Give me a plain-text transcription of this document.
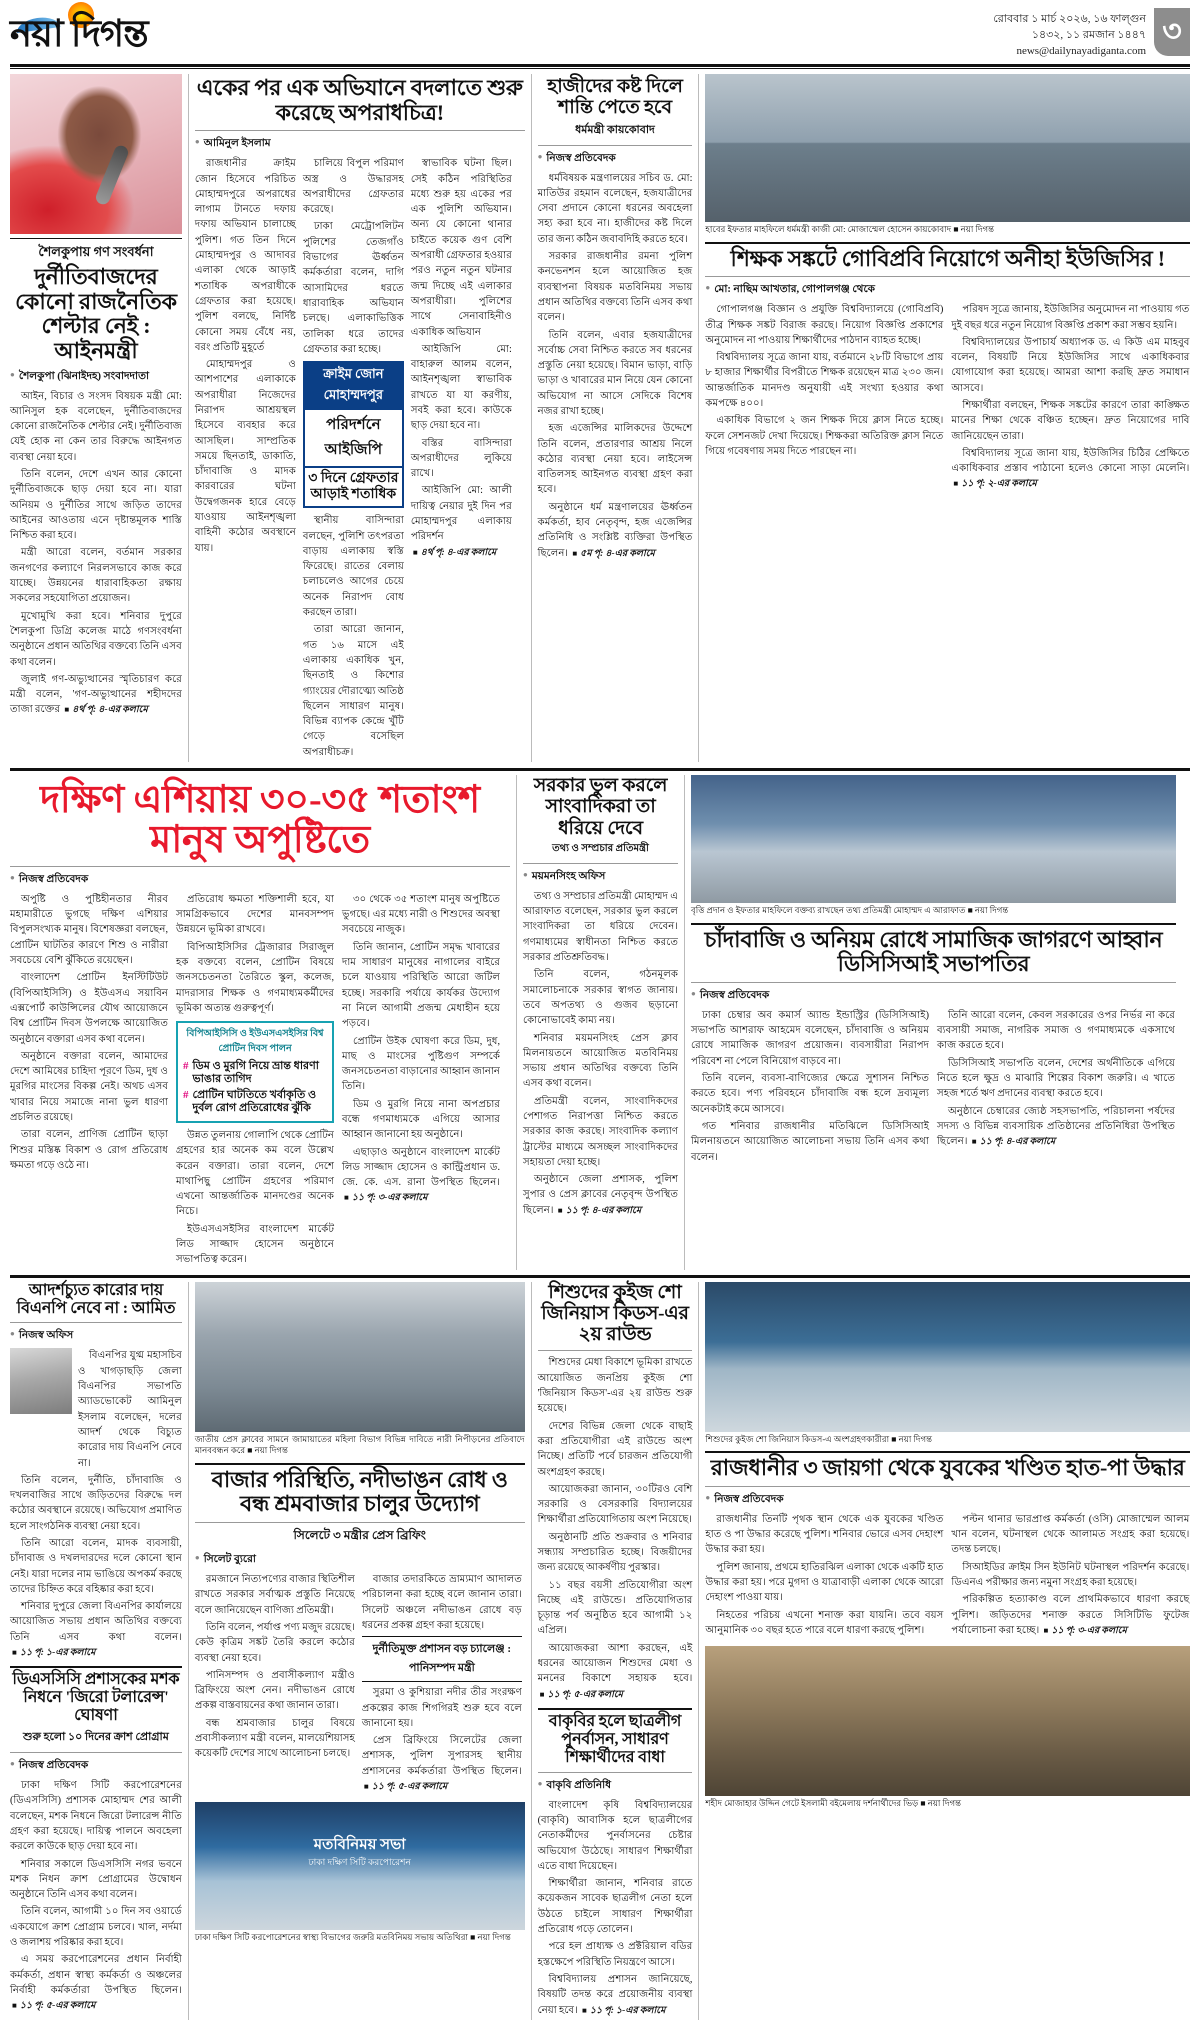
নয়া দিগন্ত	রোববার ১ মার্চ ২০২৬, ১৬ ফাল্গুন
১৪৩২, ১১ রমজান ১৪৪৭
news@dailynayadiganta.com
৩
শৈলকুপায় গণ সংবর্ধনা
দুর্নীতিবাজদের কোনো রাজনৈতিক শেল্টার নেই : আইনমন্ত্রী
● শৈলকুপা (ঝিনাইদহ) সংবাদদাতা

আইন, বিচার ও সংসদ বিষয়ক মন্ত্রী মো: আনিসুল হক বলেছেন, দুর্নীতিবাজদের কোনো রাজনৈতিক শেল্টার নেই। দুর্নীতিবাজ যেই হোক না কেন তার বিরুদ্ধে আইনগত ব্যবস্থা নেয়া হবে।

তিনি বলেন, দেশে এখন আর কোনো দুর্নীতিবাজকে ছাড় দেয়া হবে না। যারা অনিয়ম ও দুর্নীতির সাথে জড়িত তাদের আইনের আওতায় এনে দৃষ্টান্তমূলক শাস্তি নিশ্চিত করা হবে।

মন্ত্রী আরো বলেন, বর্তমান সরকার জনগণের কল্যাণে নিরলসভাবে কাজ করে যাচ্ছে। উন্নয়নের ধারাবাহিকতা রক্ষায় সকলের সহযোগিতা প্রয়োজন।

মুখোমুখি করা হবে। শনিবার দুপুরে শৈলকুপা ডিগ্রি কলেজ মাঠে গণসংবর্ধনা অনুষ্ঠানে প্রধান অতিথির বক্তব্যে তিনি এসব কথা বলেন।

জুলাই গণ-অভ্যুত্থানের স্মৃতিচারণ করে মন্ত্রী বলেন, 'গণ-অভ্যুত্থানের শহীদদের তাজা রক্তের ■ ৪র্থ পৃ: ৪-এর কলামে

একের পর এক অভিযানে বদলাতে শুরু করেছে অপরাধচিত্র!
● আমিনুল ইসলাম

রাজধানীর ক্রাইম জোন হিসেবে পরিচিত মোহাম্মদপুরে অপরাধের লাগাম টানতে দফায় দফায় অভিযান চালাচ্ছে পুলিশ। গত তিন দিনে মোহাম্মদপুর ও আদাবর এলাকা থেকে আড়াই শতাধিক অপরাধীকে গ্রেফতার করা হয়েছে। পুলিশ বলছে, নির্দিষ্ট কোনো সময় বেঁধে নয়, বরং প্রতিটি মুহূর্তে

মোহাম্মদপুর ও আশপাশের এলাকাকে অপরাধীরা নিজেদের নিরাপদ আশ্রয়স্থল হিসেবে ব্যবহার করে আসছিল। সাম্প্রতিক সময়ে ছিনতাই, ডাকাতি, চাঁদাবাজি ও মাদক কারবারের ঘটনা উদ্বেগজনক হারে বেড়ে যাওয়ায় আইনশৃঙ্খলা বাহিনী কঠোর অবস্থানে যায়।

চালিয়ে বিপুল পরিমাণ অস্ত্র ও উদ্ধারসহ অপরাধীদের গ্রেফতার করেছে।

ঢাকা মেট্রোপলিটন পুলিশের তেজগাঁও বিভাগের ঊর্ধ্বতন কর্মকর্তারা বলেন, দাগি আসামিদের ধরতে ধারাবাহিক অভিযান চলছে। এলাকাভিত্তিক তালিকা ধরে তাদের গ্রেফতার করা হচ্ছে।

ক্রাইম জোন মোহাম্মদপুর
পরিদর্শনে আইজিপি
৩ দিনে গ্রেফতার আড়াই শতাধিক

স্থানীয় বাসিন্দারা বলছেন, পুলিশি তৎপরতা বাড়ায় এলাকায় স্বস্তি ফিরেছে। রাতের বেলায় চলাচলেও আগের চেয়ে অনেক নিরাপদ বোধ করছেন তারা।

তারা আরো জানান, গত ১৬ মাসে এই এলাকায় একাধিক খুন, ছিনতাই ও কিশোর গ্যাংয়ের দৌরাত্ম্যে অতিষ্ঠ ছিলেন সাধারণ মানুষ। বিভিন্ন ব্যাপক কেন্দ্রে খুঁটি গেড়ে বসেছিল অপরাধীচক্র।

স্বাভাবিক ঘটনা ছিল। সেই কঠিন পরিস্থিতির মধ্যে শুরু হয় একের পর এক পুলিশি অভিযান। অন্য যে কোনো থানার চাইতে কয়েক গুণ বেশি অপরাধী গ্রেফতার হওয়ার পরও নতুন নতুন ঘটনার জন্ম দিচ্ছে এই এলাকার অপরাধীরা। পুলিশের সাথে সেনাবাহিনীও একাধিক অভিযান

আইজিপি মো: বাহারুল আলম বলেন, আইনশৃঙ্খলা স্বাভাবিক রাখতে যা যা করণীয়, সবই করা হবে। কাউকে ছাড় দেয়া হবে না।

বস্তির বাসিন্দারা অপরাধীদের লুকিয়ে রাখে।

আইজিপি মো: আলী দায়িত্ব নেয়ার দুই দিন পর মোহাম্মদপুর এলাকায় পরিদর্শন ■ ৪র্থ পৃ: ৪-এর কলামে

হাজীদের কষ্ট দিলে শান্তি পেতে হবে
ধর্মমন্ত্রী কায়কোবাদ
● নিজস্ব প্রতিবেদক

ধর্মবিষয়ক মন্ত্রণালয়ের সচিব ড. মো: মাতিউর রহমান বলেছেন, হজযাত্রীদের সেবা প্রদানে কোনো ধরনের অবহেলা সহ্য করা হবে না। হাজীদের কষ্ট দিলে তার জন্য কঠিন জবাবদিহি করতে হবে।

সরকার রাজধানীর রমনা পুলিশ কনভেনশন হলে আয়োজিত হজ ব্যবস্থাপনা বিষয়ক মতবিনিময় সভায় প্রধান অতিথির বক্তব্যে তিনি এসব কথা বলেন।

তিনি বলেন, এবার হজযাত্রীদের সর্বোচ্চ সেবা নিশ্চিত করতে সব ধরনের প্রস্তুতি নেয়া হয়েছে। বিমান ভাড়া, বাড়ি ভাড়া ও খাবারের মান নিয়ে যেন কোনো অভিযোগ না আসে সেদিকে বিশেষ নজর রাখা হচ্ছে।

হজ এজেন্সির মালিকদের উদ্দেশে তিনি বলেন, প্রতারণার আশ্রয় নিলে কঠোর ব্যবস্থা নেয়া হবে। লাইসেন্স বাতিলসহ আইনগত ব্যবস্থা গ্রহণ করা হবে।

অনুষ্ঠানে ধর্ম মন্ত্রণালয়ের ঊর্ধ্বতন কর্মকর্তা, হাব নেতৃবৃন্দ, হজ এজেন্সির প্রতিনিধি ও সংশ্লিষ্ট ব্যক্তিরা উপস্থিত ছিলেন। ■ ৫ম পৃ: ৪-এর কলামে

হাবের ইফতার মাহফিলে ধর্মমন্ত্রী কাজী মো: মোজাম্মেল হোসেন কায়কোবাদ ■ নয়া দিগন্ত
শিক্ষক সঙ্কটে গোবিপ্রবি নিয়োগে অনীহা ইউজিসির !
● মো: নাছিম আখতার, গোপালগঞ্জ থেকে

গোপালগঞ্জ বিজ্ঞান ও প্রযুক্তি বিশ্ববিদ্যালয়ে (গোবিপ্রবি) তীব্র শিক্ষক সঙ্কট বিরাজ করছে। নিয়োগ বিজ্ঞপ্তি প্রকাশের অনুমোদন না পাওয়ায় শিক্ষার্থীদের পাঠদান ব্যাহত হচ্ছে।

বিশ্ববিদ্যালয় সূত্রে জানা যায়, বর্তমানে ২৮টি বিভাগে প্রায় ৮ হাজার শিক্ষার্থীর বিপরীতে শিক্ষক রয়েছেন মাত্র ২৩০ জন। আন্তর্জাতিক মানদণ্ড অনুযায়ী এই সংখ্যা হওয়ার কথা কমপক্ষে ৪০০।

একাধিক বিভাগে ২ জন শিক্ষক দিয়ে ক্লাস নিতে হচ্ছে। ফলে সেশনজট দেখা দিয়েছে। শিক্ষকরা অতিরিক্ত ক্লাস নিতে গিয়ে গবেষণায় সময় দিতে পারছেন না।

পরিষদ সূত্রে জানায়, ইউজিসির অনুমোদন না পাওয়ায় গত দুই বছর ধরে নতুন নিয়োগ বিজ্ঞপ্তি প্রকাশ করা সম্ভব হয়নি।

বিশ্ববিদ্যালয়ের উপাচার্য অধ্যাপক ড. এ কিউ এম মাহবুব বলেন, বিষয়টি নিয়ে ইউজিসির সাথে একাধিকবার যোগাযোগ করা হয়েছে। আমরা আশা করছি দ্রুত সমাধান আসবে।

শিক্ষার্থীরা বলছেন, শিক্ষক সঙ্কটের কারণে তারা কাঙ্ক্ষিত মানের শিক্ষা থেকে বঞ্চিত হচ্ছেন। দ্রুত নিয়োগের দাবি জানিয়েছেন তারা।

বিশ্ববিদ্যালয় সূত্রে জানা যায়, ইউজিসির চিঠির প্রেক্ষিতে একাধিকবার প্রস্তাব পাঠানো হলেও কোনো সাড়া মেলেনি। ■ ১১ পৃ: ২-এর কলামে

দক্ষিণ এশিয়ায় ৩০-৩৫ শতাংশ মানুষ অপুষ্টিতে
● নিজস্ব প্রতিবেদক

অপুষ্টি ও পুষ্টিহীনতার নীরব মহামারীতে ভুগছে দক্ষিণ এশিয়ার বিপুলসংখ্যক মানুষ। বিশেষজ্ঞরা বলছেন, প্রোটিন ঘাটতির কারণে শিশু ও নারীরা সবচেয়ে বেশি ঝুঁকিতে রয়েছেন।

বাংলাদেশ প্রোটিন ইনস্টিটিউট (বিপিআইসিসি) ও ইউএসএ সয়াবিন এক্সপোর্ট কাউন্সিলের যৌথ আয়োজনে বিশ্ব প্রোটিন দিবস উপলক্ষে আয়োজিত অনুষ্ঠানে বক্তারা এসব কথা বলেন।

অনুষ্ঠানে বক্তারা বলেন, আমাদের দেশে আমিষের চাহিদা পূরণে ডিম, দুধ ও মুরগির মাংসের বিকল্প নেই। অথচ এসব খাবার নিয়ে সমাজে নানা ভুল ধারণা প্রচলিত রয়েছে।

তারা বলেন, প্রাণিজ প্রোটিন ছাড়া শিশুর মস্তিষ্ক বিকাশ ও রোগ প্রতিরোধ ক্ষমতা গড়ে ওঠে না।

প্রতিরোধ ক্ষমতা শক্তিশালী হবে, যা সামগ্রিকভাবে দেশের মানবসম্পদ উন্নয়নে ভূমিকা রাখবে।

বিপিআইসিসির ট্রেজারার সিরাজুল হক বক্তব্যে বলেন, প্রোটিন বিষয়ে জনসচেতনতা তৈরিতে স্কুল, কলেজ, মাদরাসার শিক্ষক ও গণমাধ্যমকর্মীদের ভূমিকা অত্যন্ত গুরুত্বপূর্ণ।

বিপিআইসিসি ও ইউএসএসইসির বিশ্ব প্রোটিন দিবস পালন
# ডিম ও মুরগি নিয়ে ভ্রান্ত ধারণা ভাঙার তাগিদ
# প্রোটিন ঘাটতিতে খর্বাকৃতি ও দুর্বল রোগ প্রতিরোধের ঝুঁকি

উন্নত তুলনায় গোলাপি থেকে প্রোটিন গ্রহণের হার অনেক কম বলে উল্লেখ করেন বক্তারা। তারা বলেন, দেশে মাথাপিছু প্রোটিন গ্রহণের পরিমাণ এখনো আন্তর্জাতিক মানদণ্ডের অনেক নিচে।

ইউএসএসইসির বাংলাদেশ মার্কেট লিড সাজ্জাদ হোসেন অনুষ্ঠানে সভাপতিত্ব করেন।

৩০ থেকে ৩৫ শতাংশ মানুষ অপুষ্টিতে ভুগছে। এর মধ্যে নারী ও শিশুদের অবস্থা সবচেয়ে নাজুক।

তিনি জানান, প্রোটিন সমৃদ্ধ খাবারের দাম সাধারণ মানুষের নাগালের বাইরে চলে যাওয়ায় পরিস্থিতি আরো জটিল হচ্ছে। সরকারি পর্যায়ে কার্যকর উদ্যোগ না নিলে আগামী প্রজন্ম মেধাহীন হয়ে পড়বে।

প্রোটিন উইক ঘোষণা করে ডিম, দুধ, মাছ ও মাংসের পুষ্টিগুণ সম্পর্কে জনসচেতনতা বাড়ানোর আহ্বান জানান তিনি।

ডিম ও মুরগি নিয়ে নানা অপপ্রচার বন্ধে গণমাধ্যমকে এগিয়ে আসার আহ্বান জানানো হয় অনুষ্ঠানে।

এছাড়াও অনুষ্ঠানে বাংলাদেশ মার্কেট লিড সাজ্জাদ হোসেন ও কান্ট্রিপ্রধান ড. জে. কে. এস. রানা উপস্থিত ছিলেন। ■ ১১ পৃ: ৩-এর কলামে

সরকার ভুল করলে সাংবাদিকরা তা ধরিয়ে দেবে
তথ্য ও সম্প্রচার প্রতিমন্ত্রী
● ময়মনসিংহ অফিস

তথ্য ও সম্প্রচার প্রতিমন্ত্রী মোহাম্মদ এ আরাফাত বলেছেন, সরকার ভুল করলে সাংবাদিকরা তা ধরিয়ে দেবেন। গণমাধ্যমের স্বাধীনতা নিশ্চিত করতে সরকার প্রতিশ্রুতিবদ্ধ।

তিনি বলেন, গঠনমূলক সমালোচনাকে সরকার স্বাগত জানায়। তবে অপতথ্য ও গুজব ছড়ানো কোনোভাবেই কাম্য নয়।

শনিবার ময়মনসিংহ প্রেস ক্লাব মিলনায়তনে আয়োজিত মতবিনিময় সভায় প্রধান অতিথির বক্তব্যে তিনি এসব কথা বলেন।

প্রতিমন্ত্রী বলেন, সাংবাদিকদের পেশাগত নিরাপত্তা নিশ্চিত করতে সরকার কাজ করছে। সাংবাদিক কল্যাণ ট্রাস্টের মাধ্যমে অসচ্ছল সাংবাদিকদের সহায়তা দেয়া হচ্ছে।

অনুষ্ঠানে জেলা প্রশাসক, পুলিশ সুপার ও প্রেস ক্লাবের নেতৃবৃন্দ উপস্থিত ছিলেন। ■ ১১ পৃ: ৪-এর কলামে

বৃত্তি প্রদান ও ইফতার মাহফিলে বক্তব্য রাখছেন তথ্য প্রতিমন্ত্রী মোহাম্মদ এ আরাফাত ■ নয়া দিগন্ত
চাঁদাবাজি ও অনিয়ম রোধে সামাজিক জাগরণে আহ্বান ডিসিসিআই সভাপতির
● নিজস্ব প্রতিবেদক

ঢাকা চেম্বার অব কমার্স অ্যান্ড ইন্ডাস্ট্রির (ডিসিসিআই) সভাপতি আশরাফ আহমেদ বলেছেন, চাঁদাবাজি ও অনিয়ম রোধে সামাজিক জাগরণ প্রয়োজন। ব্যবসায়ীরা নিরাপদ পরিবেশ না পেলে বিনিয়োগ বাড়বে না।

তিনি বলেন, ব্যবসা-বাণিজ্যের ক্ষেত্রে সুশাসন নিশ্চিত করতে হবে। পণ্য পরিবহনে চাঁদাবাজি বন্ধ হলে দ্রব্যমূল্য অনেকটাই কমে আসবে।

গত শনিবার রাজধানীর মতিঝিলে ডিসিসিআই মিলনায়তনে আয়োজিত আলোচনা সভায় তিনি এসব কথা বলেন।

তিনি আরো বলেন, কেবল সরকারের ওপর নির্ভর না করে ব্যবসায়ী সমাজ, নাগরিক সমাজ ও গণমাধ্যমকে একসাথে কাজ করতে হবে।

ডিসিসিআই সভাপতি বলেন, দেশের অর্থনীতিকে এগিয়ে নিতে হলে ক্ষুদ্র ও মাঝারি শিল্পের বিকাশ জরুরি। এ খাতে সহজ শর্তে ঋণ প্রদানের ব্যবস্থা করতে হবে।

অনুষ্ঠানে চেম্বারের জ্যেষ্ঠ সহসভাপতি, পরিচালনা পর্ষদের সদস্য ও বিভিন্ন ব্যবসায়িক প্রতিষ্ঠানের প্রতিনিধিরা উপস্থিত ছিলেন। ■ ১১ পৃ: ৪-এর কলামে

আদর্শচ্যুত কারোর দায় বিএনপি নেবে না : আমিত
● নিজস্ব অফিস

বিএনপির যুগ্ম মহাসচিব ও খাগড়াছড়ি জেলা বিএনপির সভাপতি অ্যাডভোকেট আমিনুল ইসলাম বলেছেন, দলের আদর্শ থেকে বিচ্যুত কারোর দায় বিএনপি নেবে না।

তিনি বলেন, দুর্নীতি, চাঁদাবাজি ও দখলবাজির সাথে জড়িতদের বিরুদ্ধে দল কঠোর অবস্থানে রয়েছে। অভিযোগ প্রমাণিত হলে সাংগঠনিক ব্যবস্থা নেয়া হবে।

তিনি আরো বলেন, মাদক ব্যবসায়ী, চাঁদাবাজ ও দখলদারদের দলে কোনো স্থান নেই। যারা দলের নাম ভাঙিয়ে অপকর্ম করছে তাদের চিহ্নিত করে বহিষ্কার করা হবে।

শনিবার দুপুরে জেলা বিএনপির কার্যালয়ে আয়োজিত সভায় প্রধান অতিথির বক্তব্যে তিনি এসব কথা বলেন। ■ ১১ পৃ: ১-এর কলামে

ডিএসসিসি প্রশাসকের মশক নিধনে 'জিরো টলারেন্স' ঘোষণা
শুরু হলো ১০ দিনের ক্রাশ প্রোগ্রাম
● নিজস্ব প্রতিবেদক

ঢাকা দক্ষিণ সিটি করপোরেশনের (ডিএসসিসি) প্রশাসক মোহাম্মদ শের আলী বলেছেন, মশক নিধনে জিরো টলারেন্স নীতি গ্রহণ করা হয়েছে। দায়িত্ব পালনে অবহেলা করলে কাউকে ছাড় দেয়া হবে না।

শনিবার সকালে ডিএসসিসি নগর ভবনে মশক নিধন ক্রাশ প্রোগ্রামের উদ্বোধন অনুষ্ঠানে তিনি এসব কথা বলেন।

তিনি বলেন, আগামী ১০ দিন সব ওয়ার্ডে একযোগে ক্রাশ প্রোগ্রাম চলবে। খাল, নর্দমা ও জলাশয় পরিষ্কার করা হবে।

এ সময় করপোরেশনের প্রধান নির্বাহী কর্মকর্তা, প্রধান স্বাস্থ্য কর্মকর্তা ও অঞ্চলের নির্বাহী কর্মকর্তারা উপস্থিত ছিলেন। ■ ১১ পৃ: ৫-এর কলামে

জাতীয় প্রেস ক্লাবের সামনে জামায়াতের মহিলা বিভাগ বিভিন্ন দাবিতে নারী নিপীড়নের প্রতিবাদে মানববন্ধন করে ■ নয়া দিগন্ত
বাজার পরিস্থিতি, নদীভাঙন রোধ ও বন্ধ শ্রমবাজার চালুর উদ্যোগ
সিলেটে ৩ মন্ত্রীর প্রেস ব্রিফিং
● সিলেট ব্যুরো

রমজানে নিত্যপণ্যের বাজার স্থিতিশীল রাখতে সরকার সর্বাত্মক প্রস্তুতি নিয়েছে বলে জানিয়েছেন বাণিজ্য প্রতিমন্ত্রী।

তিনি বলেন, পর্যাপ্ত পণ্য মজুদ রয়েছে। কেউ কৃত্রিম সঙ্কট তৈরি করলে কঠোর ব্যবস্থা নেয়া হবে।

পানিসম্পদ ও প্রবাসীকল্যাণ মন্ত্রীও ব্রিফিংয়ে অংশ নেন। নদীভাঙন রোধে প্রকল্প বাস্তবায়নের কথা জানান তারা।

বন্ধ শ্রমবাজার চালুর বিষয়ে প্রবাসীকল্যাণ মন্ত্রী বলেন, মালয়েশিয়াসহ কয়েকটি দেশের সাথে আলোচনা চলছে।

বাজার তদারকিতে ভ্রাম্যমাণ আদালত পরিচালনা করা হচ্ছে বলে জানান তারা। সিলেট অঞ্চলে নদীভাঙন রোধে বড় ধরনের প্রকল্প গ্রহণ করা হয়েছে।

দুর্নীতিমুক্ত প্রশাসন বড় চ্যালেঞ্জ :
পানিসম্পদ মন্ত্রী

সুরমা ও কুশিয়ারা নদীর তীর সংরক্ষণ প্রকল্পের কাজ শিগগিরই শুরু হবে বলে জানানো হয়।

প্রেস ব্রিফিংয়ে সিলেটের জেলা প্রশাসক, পুলিশ সুপারসহ স্থানীয় প্রশাসনের কর্মকর্তারা উপস্থিত ছিলেন। ■ ১১ পৃ: ৫-এর কলামে

মতবিনিময় সভা
ঢাকা দক্ষিণ সিটি করপোরেশন
ঢাকা দক্ষিণ সিটি করপোরেশনের স্বাস্থ্য বিভাগের জরুরি মতবিনিময় সভায় অতিথিরা ■ নয়া দিগন্ত
শিশুদের কুইজ শো জিনিয়াস কিডস-এর ২য় রাউন্ড

শিশুদের মেধা বিকাশে ভূমিকা রাখতে আয়োজিত জনপ্রিয় কুইজ শো 'জিনিয়াস কিডস'-এর ২য় রাউন্ড শুরু হয়েছে।

দেশের বিভিন্ন জেলা থেকে বাছাই করা প্রতিযোগীরা এই রাউন্ডে অংশ নিচ্ছে। প্রতিটি পর্বে চারজন প্রতিযোগী অংশগ্রহণ করছে।

আয়োজকরা জানান, ৩০টিরও বেশি সরকারি ও বেসরকারি বিদ্যালয়ের শিক্ষার্থীরা প্রতিযোগিতায় অংশ নিয়েছে।

অনুষ্ঠানটি প্রতি শুক্রবার ও শনিবার সন্ধ্যায় সম্প্রচারিত হচ্ছে। বিজয়ীদের জন্য রয়েছে আকর্ষণীয় পুরস্কার।

১১ বছর বয়সী প্রতিযোগীরা অংশ নিচ্ছে এই রাউন্ডে। প্রতিযোগিতার চূড়ান্ত পর্ব অনুষ্ঠিত হবে আগামী ১২ এপ্রিল।

আয়োজকরা আশা করছেন, এই ধরনের আয়োজন শিশুদের মেধা ও মননের বিকাশে সহায়ক হবে। ■ ১১ পৃ: ৫-এর কলামে

বাকৃবির হলে ছাত্রলীগ পুনর্বাসন, সাধারণ শিক্ষার্থীদের বাধা
● বাকৃবি প্রতিনিধি

বাংলাদেশ কৃষি বিশ্ববিদ্যালয়ের (বাকৃবি) আবাসিক হলে ছাত্রলীগের নেতাকর্মীদের পুনর্বাসনের চেষ্টার অভিযোগ উঠেছে। সাধারণ শিক্ষার্থীরা এতে বাধা দিয়েছেন।

শিক্ষার্থীরা জানান, শনিবার রাতে কয়েকজন সাবেক ছাত্রলীগ নেতা হলে উঠতে চাইলে সাধারণ শিক্ষার্থীরা প্রতিরোধ গড়ে তোলেন।

পরে হল প্রাধ্যক্ষ ও প্রক্টরিয়াল বডির হস্তক্ষেপে পরিস্থিতি নিয়ন্ত্রণে আসে।

বিশ্ববিদ্যালয় প্রশাসন জানিয়েছে, বিষয়টি তদন্ত করে প্রয়োজনীয় ব্যবস্থা নেয়া হবে। ■ ১১ পৃ: ১-এর কলামে

শিশুদের কুইজ শো জিনিয়াস কিডস-এ অংশগ্রহণকারীরা ■ নয়া দিগন্ত
রাজধানীর ৩ জায়গা থেকে যুবকের খণ্ডিত হাত-পা উদ্ধার
● নিজস্ব প্রতিবেদক

রাজধানীর তিনটি পৃথক স্থান থেকে এক যুবকের খণ্ডিত হাত ও পা উদ্ধার করেছে পুলিশ। শনিবার ভোরে এসব দেহাংশ উদ্ধার করা হয়।

পুলিশ জানায়, প্রথমে হাতিরঝিল এলাকা থেকে একটি হাত উদ্ধার করা হয়। পরে মুগদা ও যাত্রাবাড়ী এলাকা থেকে আরো দেহাংশ পাওয়া যায়।

নিহতের পরিচয় এখনো শনাক্ত করা যায়নি। তবে বয়স আনুমানিক ৩০ বছর হতে পারে বলে ধারণা করছে পুলিশ।

পল্টন থানার ভারপ্রাপ্ত কর্মকর্তা (ওসি) মোজাম্মেল আলম খান বলেন, ঘটনাস্থল থেকে আলামত সংগ্রহ করা হয়েছে। তদন্ত চলছে।

সিআইডির ক্রাইম সিন ইউনিট ঘটনাস্থল পরিদর্শন করেছে। ডিএনএ পরীক্ষার জন্য নমুনা সংগ্রহ করা হয়েছে।

পরিকল্পিত হত্যাকাণ্ড বলে প্রাথমিকভাবে ধারণা করছে পুলিশ। জড়িতদের শনাক্ত করতে সিসিটিভি ফুটেজ পর্যালোচনা করা হচ্ছে। ■ ১১ পৃ: ৩-এর কলামে

শহীদ মোজাহার উদ্দিন গেটে ইসলামী বইমেলায় দর্শনার্থীদের ভিড় ■ নয়া দিগন্ত
